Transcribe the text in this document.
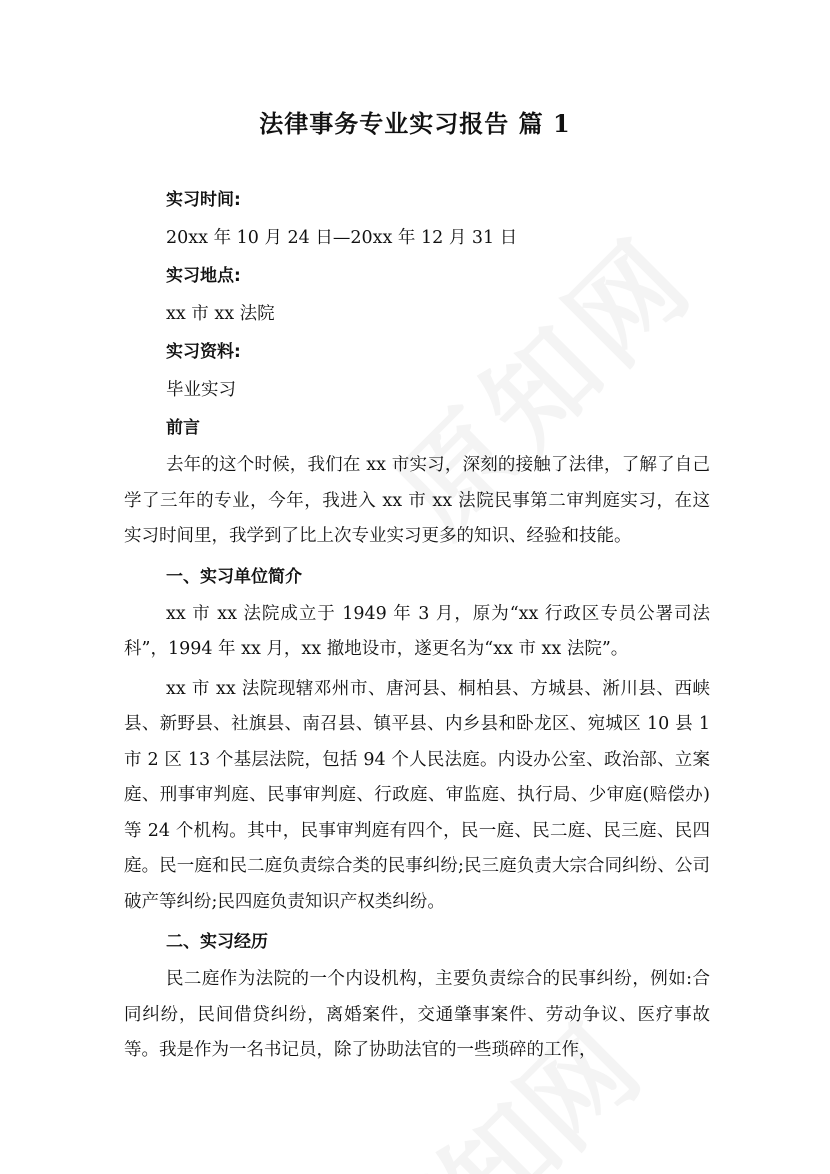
法律事务专业实习报告 篇 1
实习时间:
20xx 年 10 月 24 日—20xx 年 12 月 31 日
实习地点:
xx 市 xx 法院
实习资料:
毕业实习
前言

去年的这个时候，我们在 xx 市实习，深刻的接触了法律，了解了自己学了三年的专业，今年，我进入 xx 市 xx 法院民事第二审判庭实习，在这实习时间里，我学到了比上次专业实习更多的知识、经验和技能。

一、实习单位简介

xx 市 xx 法院成立于 1949 年 3 月，原为“xx 行政区专员公署司法科”，1994 年 xx 月，xx 撤地设市，遂更名为“xx 市 xx 法院”。

xx 市 xx 法院现辖邓州市、唐河县、桐柏县、方城县、淅川县、西峡县、新野县、社旗县、南召县、镇平县、内乡县和卧龙区、宛城区 10 县 1 市 2 区 13 个基层法院，包括 94 个人民法庭。内设办公室、政治部、立案庭、刑事审判庭、民事审判庭、行政庭、审监庭、执行局、少审庭(赔偿办)等 24 个机构。其中，民事审判庭有四个，民一庭、民二庭、民三庭、民四庭。民一庭和民二庭负责综合类的民事纠纷;民三庭负责大宗合同纠纷、公司破产等纠纷;民四庭负责知识产权类纠纷。

二、实习经历

民二庭作为法院的一个内设机构，主要负责综合的民事纠纷，例如:合同纠纷，民间借贷纠纷，离婚案件，交通肇事案件、劳动争议、医疗事故等。我是作为一名书记员，除了协助法官的一些琐碎的工作，
